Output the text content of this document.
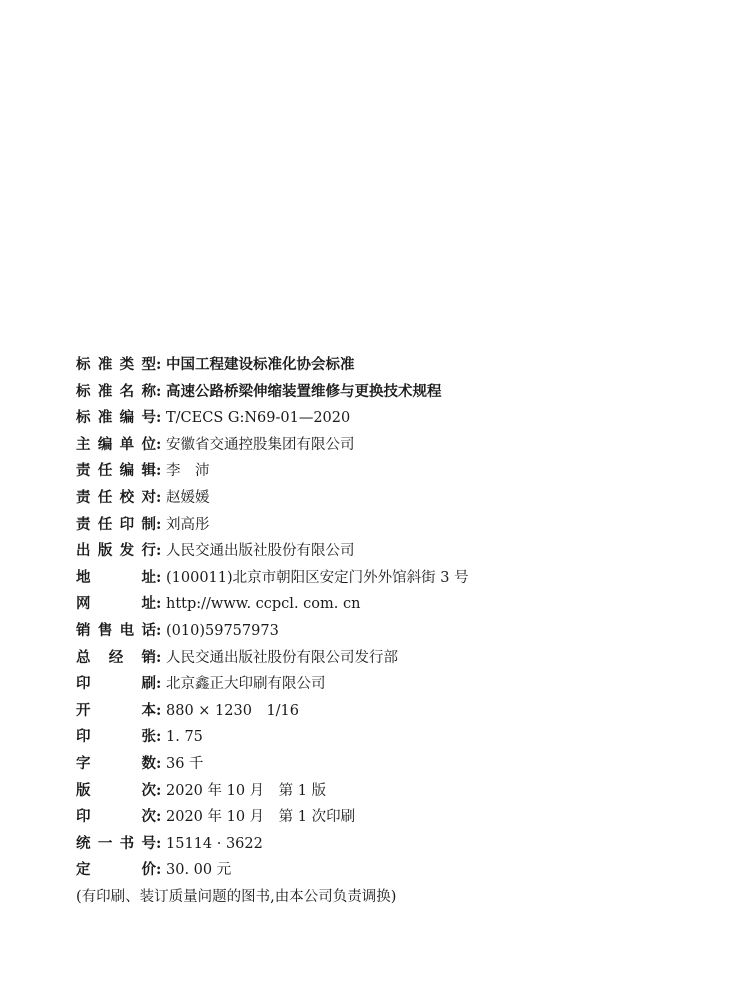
标准类型 : 中国工程建设标准化协会标准
标准名称 : 高速公路桥梁伸缩装置维修与更换技术规程
标准编号 : T/CECS G:N69-01—2020
主编单位 : 安徽省交通控股集团有限公司
责任编辑 : 李　沛
责任校对 : 赵媛媛
责任印制 : 刘高彤
出版发行 : 人民交通出版社股份有限公司
地　　址 : (100011)北京市朝阳区安定门外外馆斜街 3 号
网　　址 : http://www. ccpcl. com. cn
销售电话 : (010)59757973
总 经 销 : 人民交通出版社股份有限公司发行部
印　　刷 : 北京鑫正大印刷有限公司
开　　本 : 880 × 1230　1/16
印　　张 : 1. 75
字　　数 : 36 千
版　　次 : 2020 年 10 月　第 1 版
印　　次 : 2020 年 10 月　第 1 次印刷
统一书号 : 15114 · 3622
定　　价 : 30. 00 元
(有印刷、装订质量问题的图书,由本公司负责调换)
